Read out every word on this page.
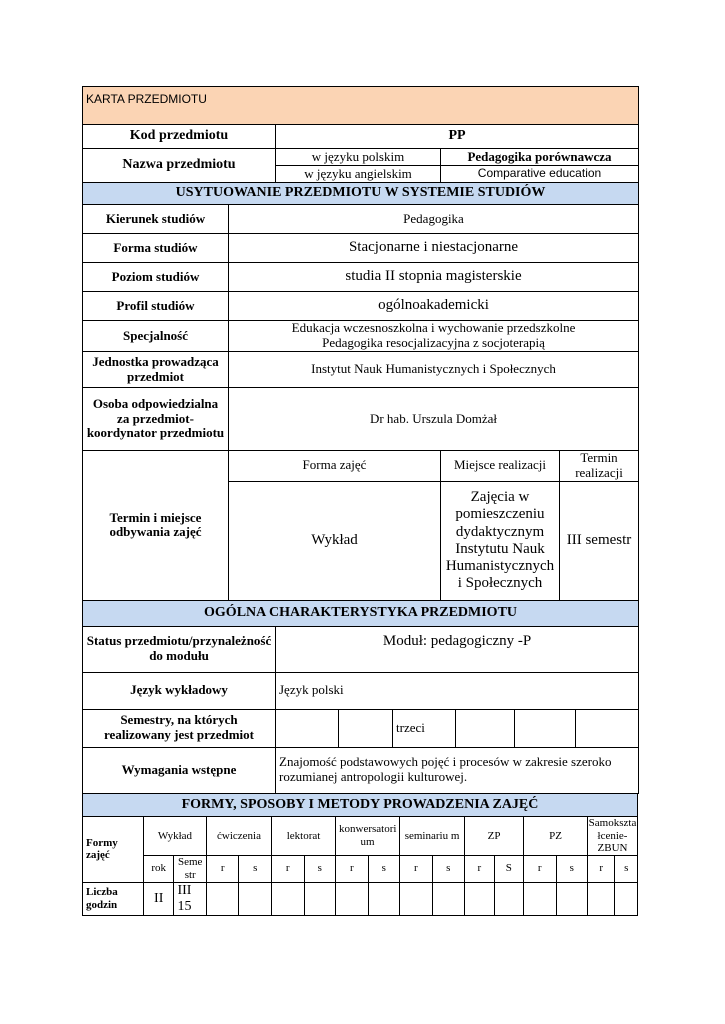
KARTA PRZEDMIOTU				
Kod przedmiotu		PP		
Nazwa przedmiotu		w języku polskim	Pedagogika porównawcza	
		w języku angielskim	Comparative education	
USYTUOWANIE PRZEDMIOTU W SYSTEMIE STUDIÓW				
Kierunek studiów	Pedagogika			
Forma studiów	Stacjonarne i niestacjonarne			
Poziom studiów	studia II stopnia magisterskie			
Profil studiów	ogólnoakademicki			
Specjalność	Edukacja wczesnoszkolna i wychowanie przedszkolne
Pedagogika resocjalizacyjna z socjoterapią			

Jednostka prowadząca przedmiot	Instytut Nauk Humanistycznych i Społecznych			
Osoba odpowiedzialna za przedmiot- koordynator przedmiotu	Dr hab. Urszula Domżał			
Termin i miejsce odbywania zajęć	Forma zajęć		Miejsce realizacji	Termin realizacji
	Wykład		Zajęcia w pomieszczeniu dydaktycznym Instytutu Nauk Humanistycznych i Społecznych	III semestr
OGÓLNA CHARAKTERYSTYKA PRZEDMIOTU						
Status przedmiotu/przynależność do modułu	Moduł: pedagogiczny -P					
Język wykładowy	Język polski					
Semestry, na których realizowany jest przedmiot			trzeci			
Wymagania wstępne	Znajomość podstawowych pojęć i procesów w zakresie szeroko rozumianej antropologii kulturowej.					
FORMY, SPOSOBY I METODY PROWADZENIA ZAJĘĆ																
Formy zajęć	Wykład		ćwiczenia		lektorat		konwersatori um		seminariu m		ZP		PZ		Samokszta łcenie- ZBUN	
	rok	Seme str	r	s	r	s	r	s	r	s	r	S	r	s	r	s
Liczba godzin	II	III 15														
